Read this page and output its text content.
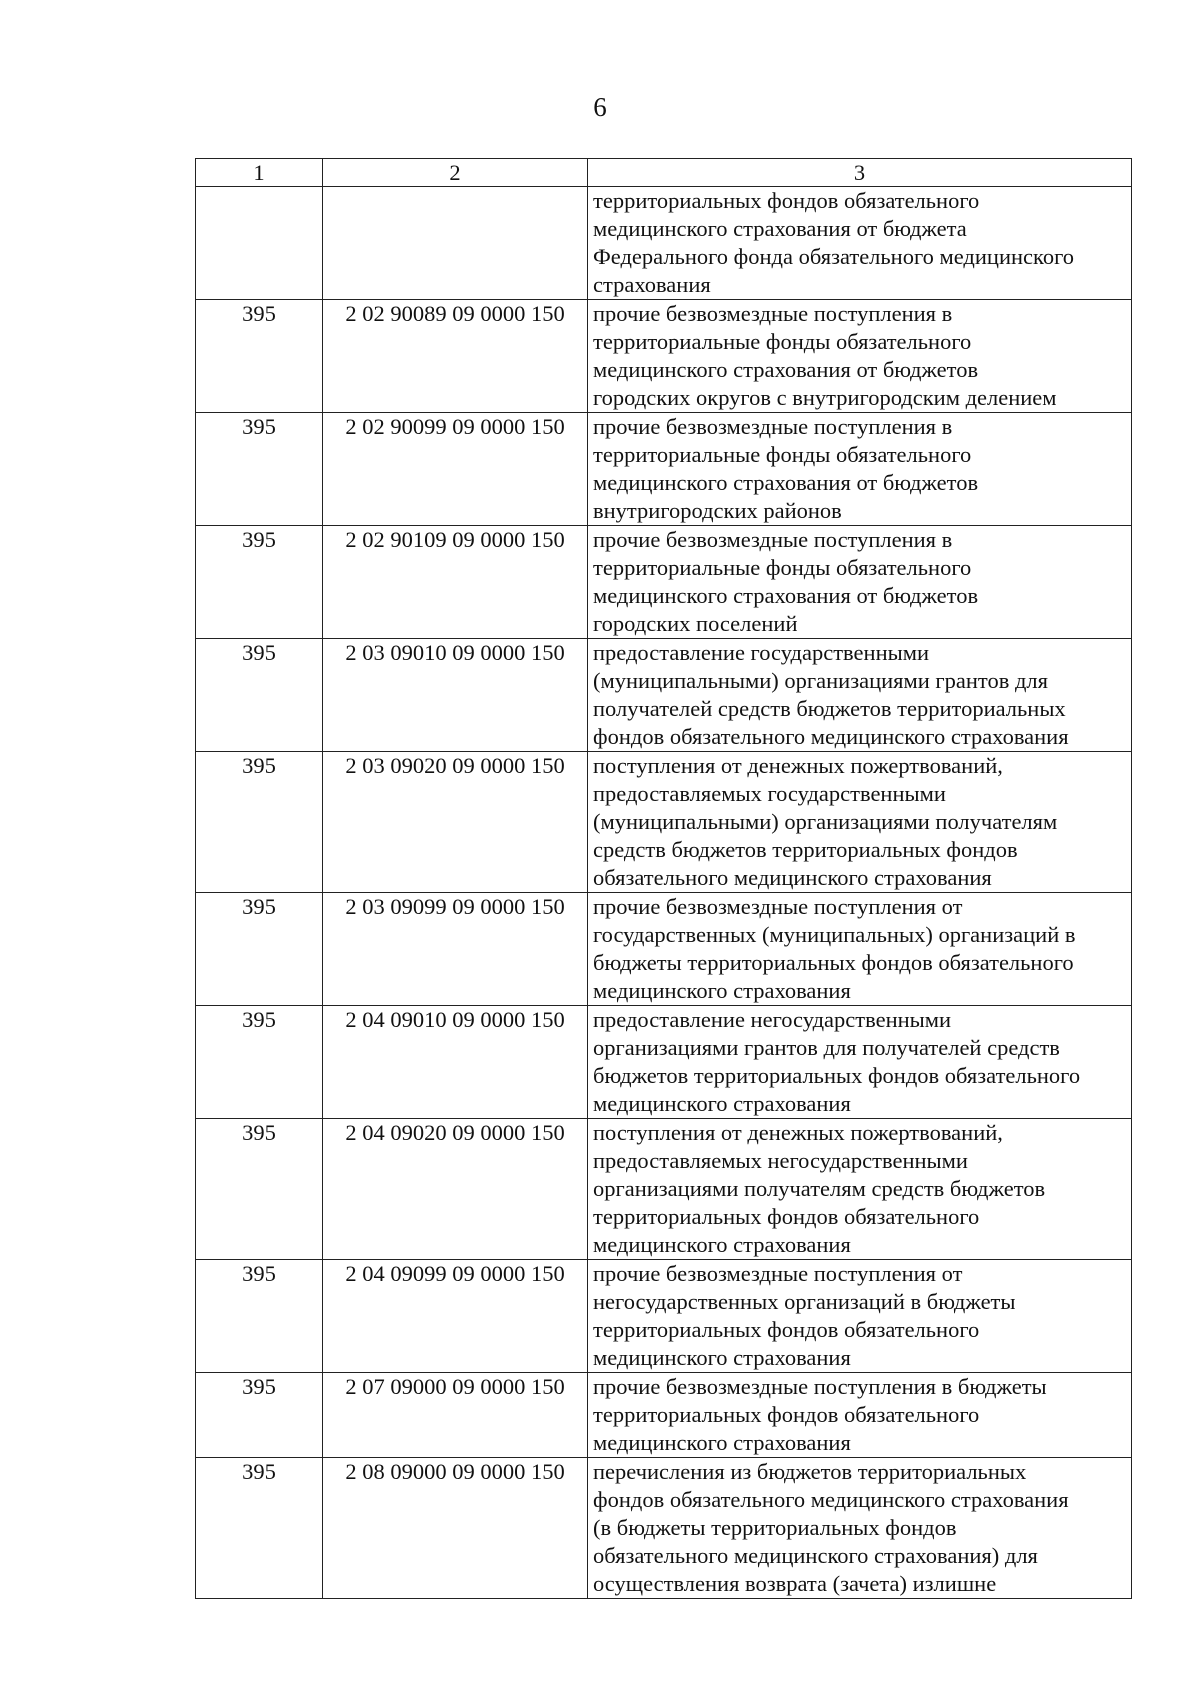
6
1	2	3

		территориальных фондов обязательного
медицинского страхования от бюджета
Федерального фонда обязательного медицинского
страхования

395	2 02 90089 09 0000 150	прочие безвозмездные поступления в
территориальные фонды обязательного
медицинского страхования от бюджетов
городских округов с внутригородским делением

395	2 02 90099 09 0000 150	прочие безвозмездные поступления в
территориальные фонды обязательного
медицинского страхования от бюджетов
внутригородских районов

395	2 02 90109 09 0000 150	прочие безвозмездные поступления в
территориальные фонды обязательного
медицинского страхования от бюджетов
городских поселений

395	2 03 09010 09 0000 150	предоставление государственными
(муниципальными) организациями грантов для
получателей средств бюджетов территориальных
фондов обязательного медицинского страхования

395	2 03 09020 09 0000 150	поступления от денежных пожертвований,
предоставляемых государственными
(муниципальными) организациями получателям
средств бюджетов территориальных фондов
обязательного медицинского страхования

395	2 03 09099 09 0000 150	прочие безвозмездные поступления от
государственных (муниципальных) организаций в
бюджеты территориальных фондов обязательного
медицинского страхования

395	2 04 09010 09 0000 150	предоставление негосударственными
организациями грантов для получателей средств
бюджетов территориальных фондов обязательного
медицинского страхования

395	2 04 09020 09 0000 150	поступления от денежных пожертвований,
предоставляемых негосударственными
организациями получателям средств бюджетов
территориальных фондов обязательного
медицинского страхования

395	2 04 09099 09 0000 150	прочие безвозмездные поступления от
негосударственных организаций в бюджеты
территориальных фондов обязательного
медицинского страхования

395	2 07 09000 09 0000 150	прочие безвозмездные поступления в бюджеты
территориальных фондов обязательного
медицинского страхования

395	2 08 09000 09 0000 150	перечисления из бюджетов территориальных
фондов обязательного медицинского страхования
(в бюджеты территориальных фондов
обязательного медицинского страхования) для
осуществления возврата (зачета) излишне
